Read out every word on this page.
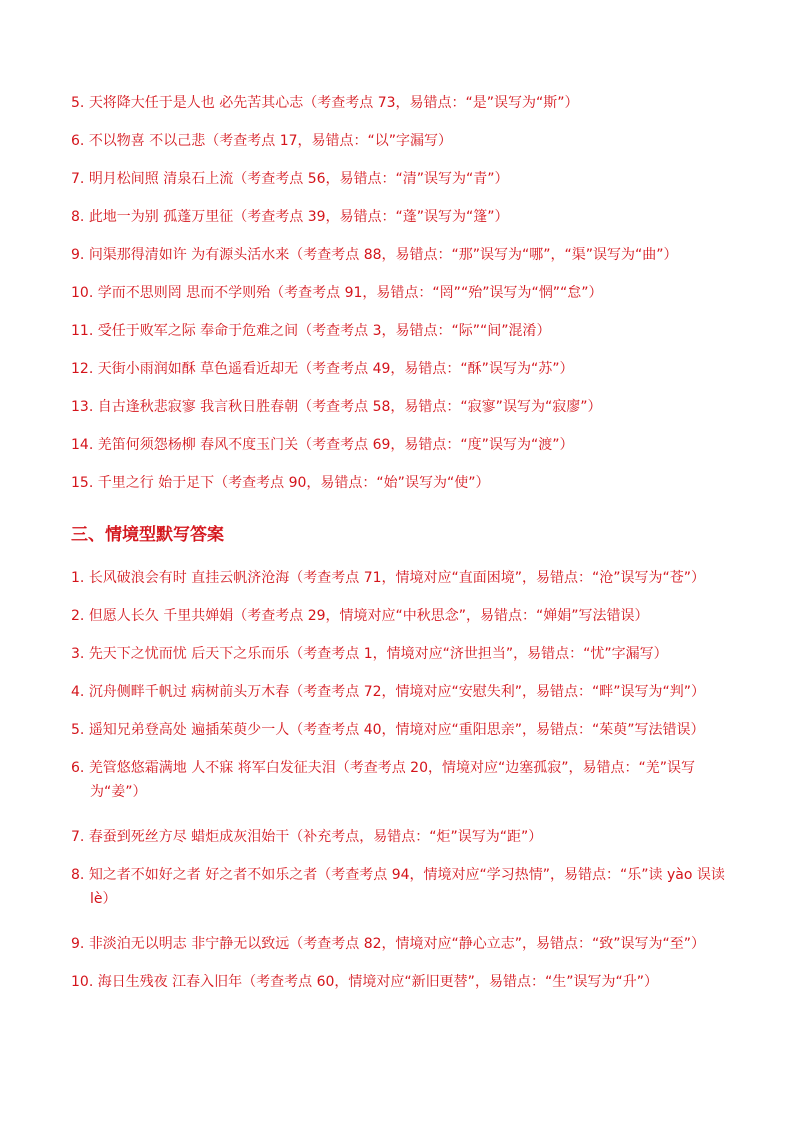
5. 天将降大任于是人也 必先苦其心志（考查考点 73，易错点：“是”误写为“斯”）
6. 不以物喜 不以己悲（考查考点 17，易错点：“以”字漏写）
7. 明月松间照 清泉石上流（考查考点 56，易错点：“清”误写为“青”）
8. 此地一为别 孤蓬万里征（考查考点 39，易错点：“蓬”误写为“篷”）
9. 问渠那得清如许 为有源头活水来（考查考点 88，易错点：“那”误写为“哪”，“渠”误写为“曲”）
10. 学而不思则罔 思而不学则殆（考查考点 91，易错点：“罔”“殆”误写为“惘”“怠”）
11. 受任于败军之际 奉命于危难之间（考查考点 3，易错点：“际”“间”混淆）
12. 天街小雨润如酥 草色遥看近却无（考查考点 49，易错点：“酥”误写为“苏”）
13. 自古逢秋悲寂寥 我言秋日胜春朝（考查考点 58，易错点：“寂寥”误写为“寂廖”）
14. 羌笛何须怨杨柳 春风不度玉门关（考查考点 69，易错点：“度”误写为“渡”）
15. 千里之行 始于足下（考查考点 90，易错点：“始”误写为“使”）
三、情境型默写答案
1. 长风破浪会有时 直挂云帆济沧海（考查考点 71，情境对应“直面困境”，易错点：“沧”误写为“苍”）
2. 但愿人长久 千里共婵娟（考查考点 29，情境对应“中秋思念”，易错点：“婵娟”写法错误）
3. 先天下之忧而忧 后天下之乐而乐（考查考点 1，情境对应“济世担当”，易错点：“忧”字漏写）
4. 沉舟侧畔千帆过 病树前头万木春（考查考点 72，情境对应“安慰失利”，易错点：“畔”误写为“判”）
5. 遥知兄弟登高处 遍插茱萸少一人（考查考点 40，情境对应“重阳思亲”，易错点：“茱萸”写法错误）
6. 羌管悠悠霜满地 人不寐 将军白发征夫泪（考查考点 20，情境对应“边塞孤寂”，易错点：“羌”误写为“姜”）
7. 春蚕到死丝方尽 蜡炬成灰泪始干（补充考点，易错点：“炬”误写为“距”）
8. 知之者不如好之者 好之者不如乐之者（考查考点 94，情境对应“学习热情”，易错点：“乐”读 yào 误读 lè）
9. 非淡泊无以明志 非宁静无以致远（考查考点 82，情境对应“静心立志”，易错点：“致”误写为“至”）
10. 海日生残夜 江春入旧年（考查考点 60，情境对应“新旧更替”，易错点：“生”误写为“升”）
